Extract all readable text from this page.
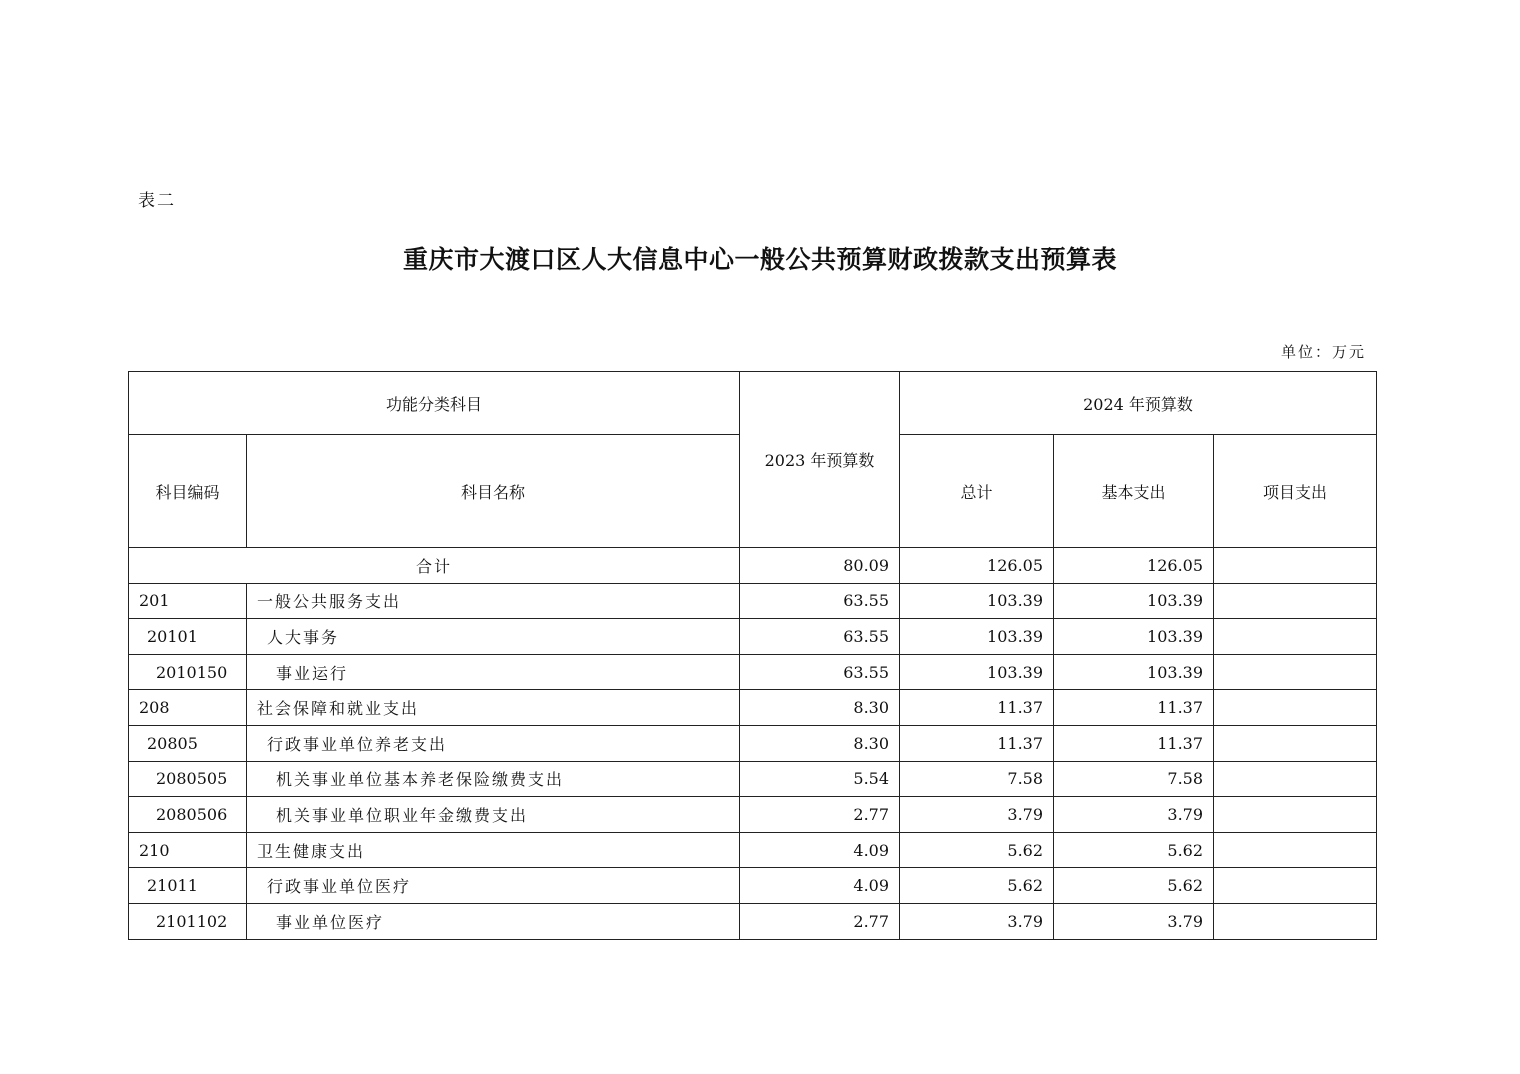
表二
重庆市大渡口区人大信息中心一般公共预算财政拨款支出预算表
单位：万元
功能分类科目		2023 年预算数	2024 年预算数		
科目编码	科目名称		总计	基本支出	项目支出
合计		80.09	126.05	126.05	
201	一般公共服务支出	63.55	103.39	103.39	
20101	人大事务	63.55	103.39	103.39	
2010150	事业运行	63.55	103.39	103.39	
208	社会保障和就业支出	8.30	11.37	11.37	
20805	行政事业单位养老支出	8.30	11.37	11.37	
2080505	机关事业单位基本养老保险缴费支出	5.54	7.58	7.58	
2080506	机关事业单位职业年金缴费支出	2.77	3.79	3.79	
210	卫生健康支出	4.09	5.62	5.62	
21011	行政事业单位医疗	4.09	5.62	5.62	
2101102	事业单位医疗	2.77	3.79	3.79	
